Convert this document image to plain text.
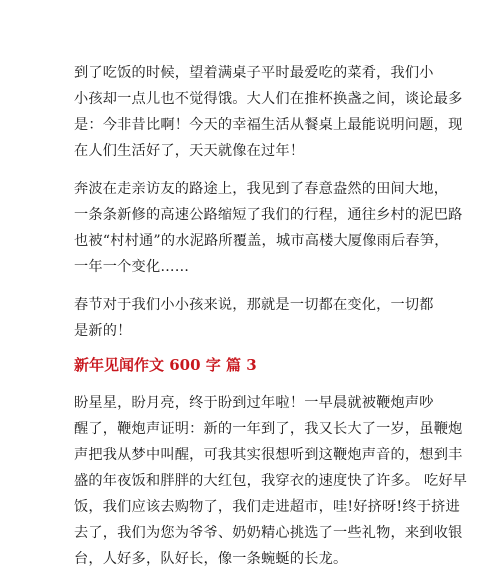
到了吃饭的时候，望着满桌子平时最爱吃的菜肴，我们小
小孩却一点儿也不觉得饿。大人们在推杯换盏之间，谈论最多
是：今非昔比啊！今天的幸福生活从餐桌上最能说明问题，现
在人们生活好了，天天就像在过年！
奔波在走亲访友的路途上，我见到了春意盎然的田间大地，
一条条新修的高速公路缩短了我们的行程，通往乡村的泥巴路
也被“村村通”的水泥路所覆盖，城市高楼大厦像雨后春笋，
一年一个变化……
春节对于我们小小孩来说，那就是一切都在变化，一切都
是新的！
新年见闻作文 600 字 篇 3
盼星星，盼月亮，终于盼到过年啦！一早晨就被鞭炮声吵
醒了，鞭炮声证明：新的一年到了，我又长大了一岁，虽鞭炮
声把我从梦中叫醒，可我其实很想听到这鞭炮声音的，想到丰
盛的年夜饭和胖胖的大红包，我穿衣的速度快了许多。 吃好早
饭，我们应该去购物了，我们走进超市，哇!好挤呀!终于挤进
去了，我们为您为爷爷、奶奶精心挑选了一些礼物，来到收银
台，人好多，队好长，像一条蜿蜒的长龙。
